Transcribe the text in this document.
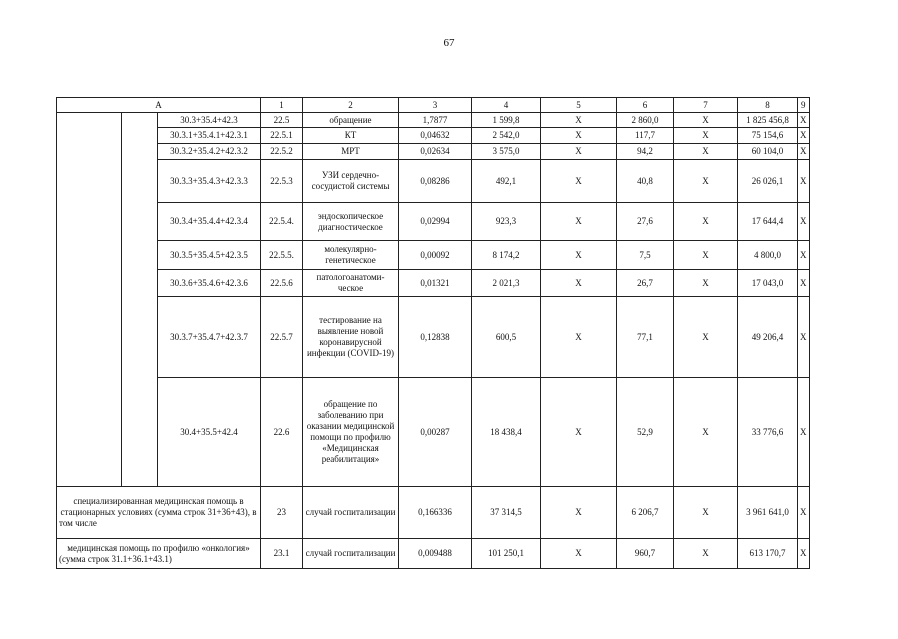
67
А			1	2	3	4	5	6	7	8	9
		30.3+35.4+42.3	22.5	обращение	1,7877	1 599,8	X	2 860,0	X	1 825 456,8	X
		30.3.1+35.4.1+42.3.1	22.5.1	КТ	0,04632	2 542,0	X	117,7	X	75 154,6	X
		30.3.2+35.4.2+42.3.2	22.5.2	МРТ	0,02634	3 575,0	X	94,2	X	60 104,0	X
		30.3.3+35.4.3+42.3.3	22.5.3	УЗИ сердечно-сосудистой системы	0,08286	492,1	X	40,8	X	26 026,1	X
		30.3.4+35.4.4+42.3.4	22.5.4.	эндоскопическое диагностическое	0,02994	923,3	X	27,6	X	17 644,4	X
		30.3.5+35.4.5+42.3.5	22.5.5.	молекулярно-генетическое	0,00092	8 174,2	X	7,5	X	4 800,0	X
		30.3.6+35.4.6+42.3.6	22.5.6	патологоанатоми-ческое	0,01321	2 021,3	X	26,7	X	17 043,0	X
		30.3.7+35.4.7+42.3.7	22.5.7	тестирование на выявление новой коронавирусной инфекции (COVID-19)	0,12838	600,5	X	77,1	X	49 206,4	X
		30.4+35.5+42.4	22.6	обращение по заболеванию при оказании медицинской помощи по профилю «Медицинская реабилитация»	0,00287	18 438,4	X	52,9	X	33 776,6	X
специализированная медицинская помощь в стационарных условиях (сумма строк 31+36+43), в том числе			23	случай госпитализации	0,166336	37 314,5	X	6 206,7	X	3 961 641,0	X
медицинская помощь по профилю «онкология» (сумма строк 31.1+36.1+43.1)			23.1	случай госпитализации	0,009488	101 250,1	X	960,7	X	613 170,7	X
